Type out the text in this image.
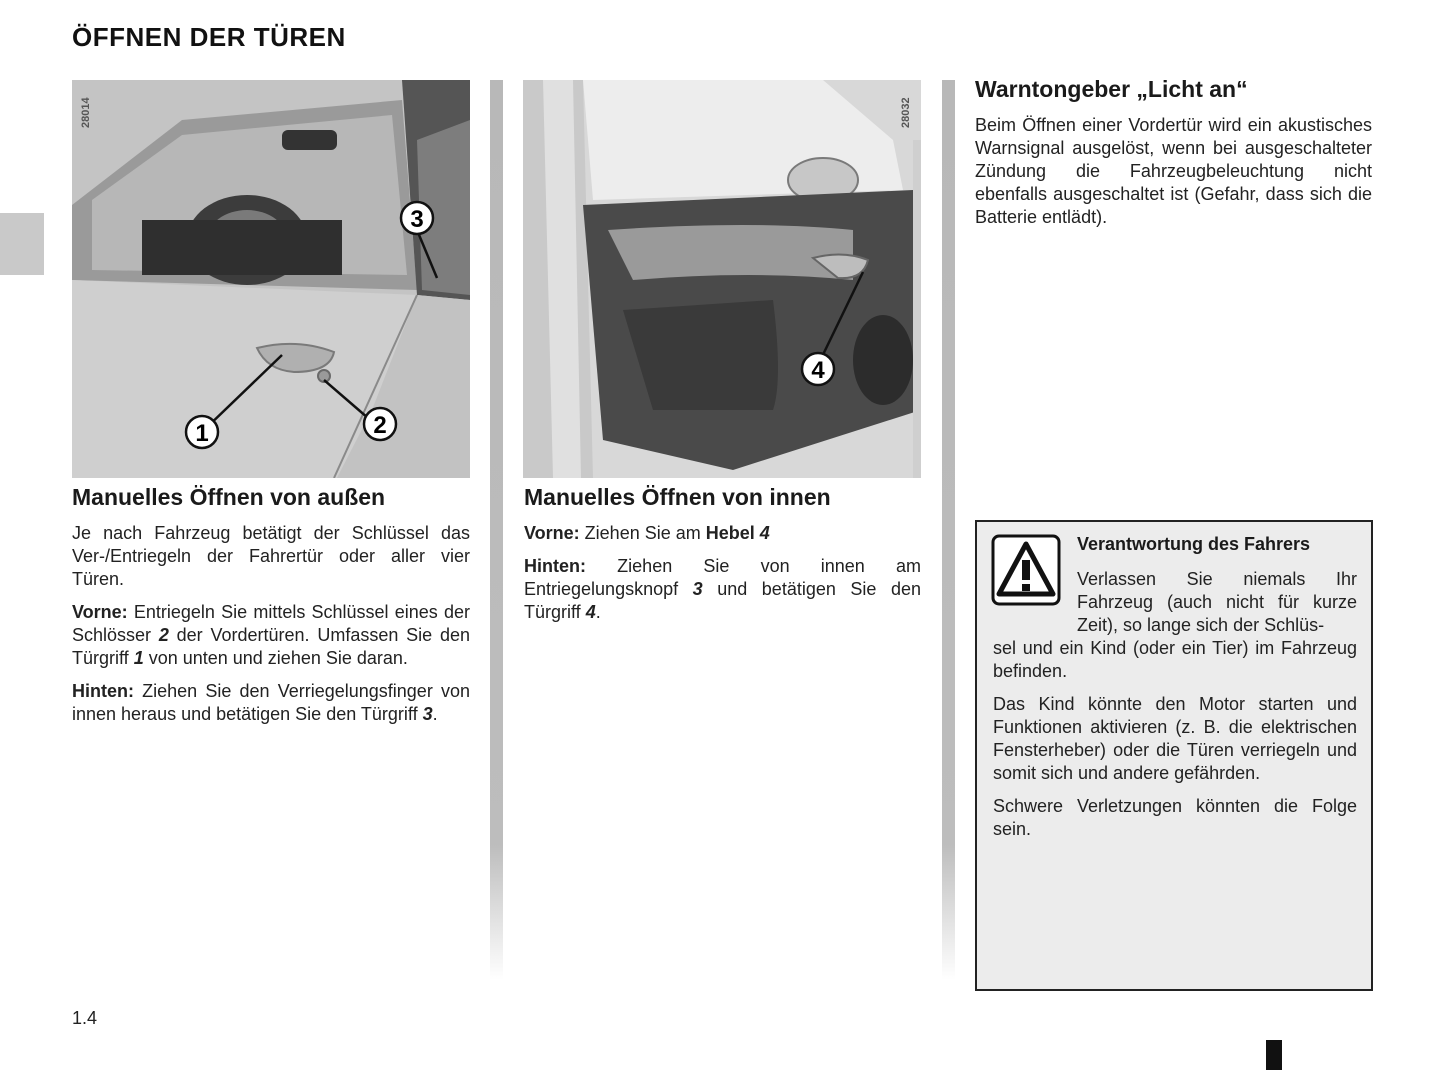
ÖFFNEN DER TÜREN
1	2
3
28014
4
28032
Manuelles Öffnen von außen

Je nach Fahrzeug betätigt der Schlüssel das Ver-/Entriegeln der Fahrertür oder aller vier Türen.

Vorne: Entriegeln Sie mittels Schlüssel eines der Schlösser 2 der Vordertüren. Umfassen Sie den Türgriff 1 von unten und ziehen Sie daran.

Hinten: Ziehen Sie den Verriegelungsfinger von innen heraus und betätigen Sie den Türgriff 3.

Manuelles Öffnen von innen

Vorne: Ziehen Sie am Hebel 4

Hinten: Ziehen Sie von innen am Entriegelungsknopf 3 und betätigen Sie den Türgriff 4.

Warntongeber „Licht an“

Beim Öffnen einer Vordertür wird ein akustisches Warnsignal ausgelöst, wenn bei ausgeschalteter Zündung die Fahrzeugbeleuchtung nicht ebenfalls ausgeschaltet ist (Gefahr, dass sich die Batterie entlädt).

Verantwortung des Fahrers
Verlassen Sie niemals Ihr Fahrzeug (auch nicht für kurze Zeit), so lange sich der Schlüs-

sel und ein Kind (oder ein Tier) im Fahrzeug befinden.

Das Kind könnte den Motor starten und Funktionen aktivieren (z. B. die elektrischen Fensterheber) oder die Türen verriegeln und somit sich und andere gefährden.

Schwere Verletzungen könnten die Folge sein.

1.4
